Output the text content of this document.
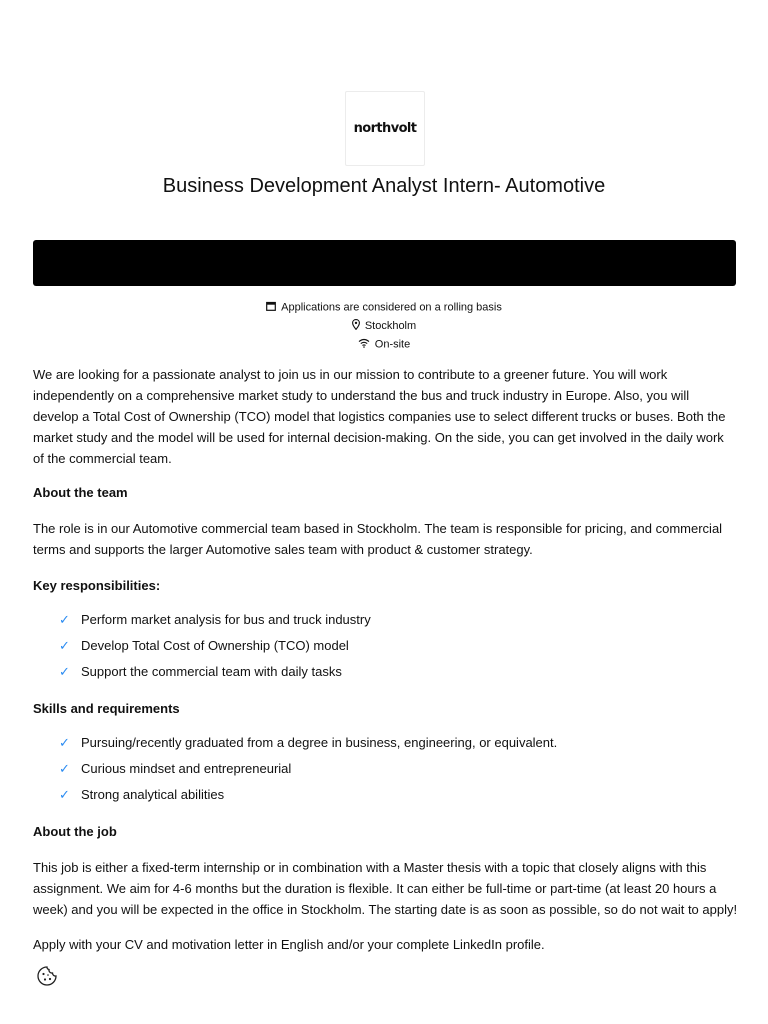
northvolt
Business Development Analyst Intern- Automotive
Applications are considered on a rolling basis
Stockholm
On-site

We are looking for a passionate analyst to join us in our mission to contribute to a greener future. You will work independently on a comprehensive market study to understand the bus and truck industry in Europe. Also, you will develop a Total Cost of Ownership (TCO) model that logistics companies use to select different trucks or buses. Both the market study and the model will be used for internal decision-making. On the side, you can get involved in the daily work of the commercial team.

About the team

The role is in our Automotive commercial team based in Stockholm. The team is responsible for pricing, and commercial terms and supports the larger Automotive sales team with product & customer strategy.

Key responsibilities:

✓ Perform market analysis for bus and truck industry
✓ Develop Total Cost of Ownership (TCO) model
✓ Support the commercial team with daily tasks

Skills and requirements

✓ Pursuing/recently graduated from a degree in business, engineering, or equivalent.
✓ Curious mindset and entrepreneurial
✓ Strong analytical abilities

About the job

This job is either a fixed-term internship or in combination with a Master thesis with a topic that closely aligns with this assignment. We aim for 4-6 months but the duration is flexible. It can either be full-time or part-time (at least 20 hours a week) and you will be expected in the office in Stockholm. The starting date is as soon as possible, so do not wait to apply!

Apply with your CV and motivation letter in English and/or your complete LinkedIn profile.
